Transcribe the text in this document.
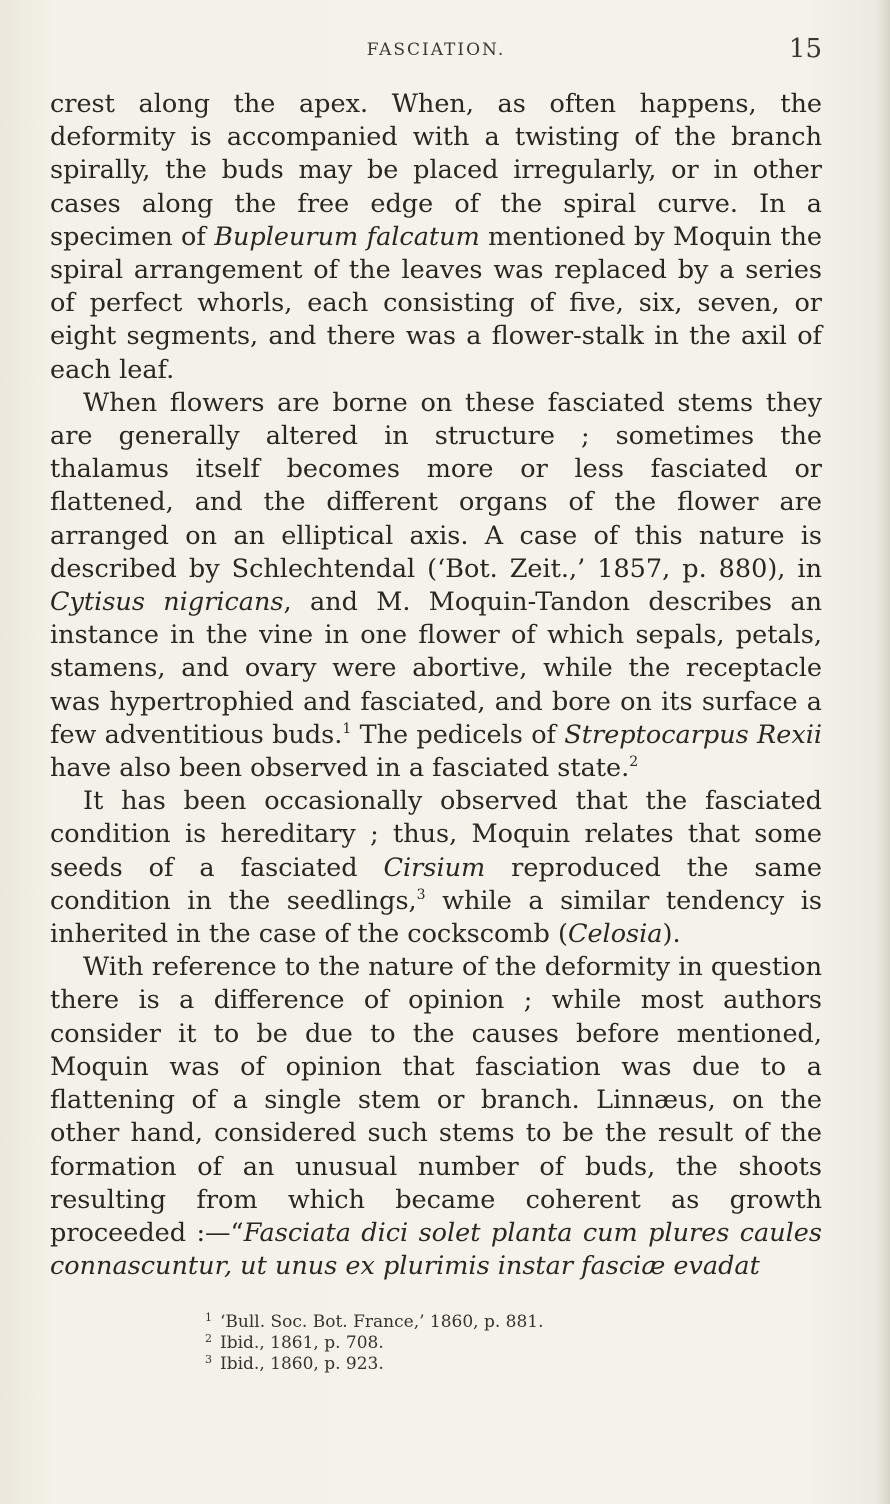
FASCIATION.	15

crest along the apex. When, as often happens, the deformity is accompanied with a twisting of the branch spirally, the buds may be placed irregularly, or in other cases along the free edge of the spiral curve. In a specimen of Bupleurum falcatum mentioned by Moquin the spiral arrangement of the leaves was replaced by a series of perfect whorls, each consisting of five, six, seven, or eight segments, and there was a flower-stalk in the axil of each leaf.

When flowers are borne on these fasciated stems they are generally altered in structure ; sometimes the thalamus itself becomes more or less fasciated or flattened, and the different organs of the flower are arranged on an elliptical axis. A case of this nature is described by Schlechtendal (‘Bot. Zeit.,’ 1857, p. 880), in Cytisus nigricans, and M. Moquin-Tandon describes an instance in the vine in one flower of which sepals, petals, stamens, and ovary were abortive, while the receptacle was hypertrophied and fasciated, and bore on its surface a few adventitious buds.$^1$ The pedicels of Streptocarpus Rexii have also been observed in a fasciated state.$^2$

It has been occasionally observed that the fasciated condition is hereditary ; thus, Moquin relates that some seeds of a fasciated Cirsium reproduced the same condition in the seedlings,$^3$ while a similar tendency is inherited in the case of the cockscomb (Celosia).

With reference to the nature of the deformity in question there is a difference of opinion ; while most authors consider it to be due to the causes before mentioned, Moquin was of opinion that fasciation was due to a flattening of a single stem or branch. Linnæus, on the other hand, considered such stems to be the result of the formation of an unusual number of buds, the shoots resulting from which became coherent as growth proceeded :—“Fasciata dici solet planta cum plures caules connascuntur, ut unus ex plurimis instar fasciæ evadat

$^1$ ‘Bull. Soc. Bot. France,’ 1860, p. 881.
$^2$ Ibid., 1861, p. 708.
$^3$ Ibid., 1860, p. 923.
